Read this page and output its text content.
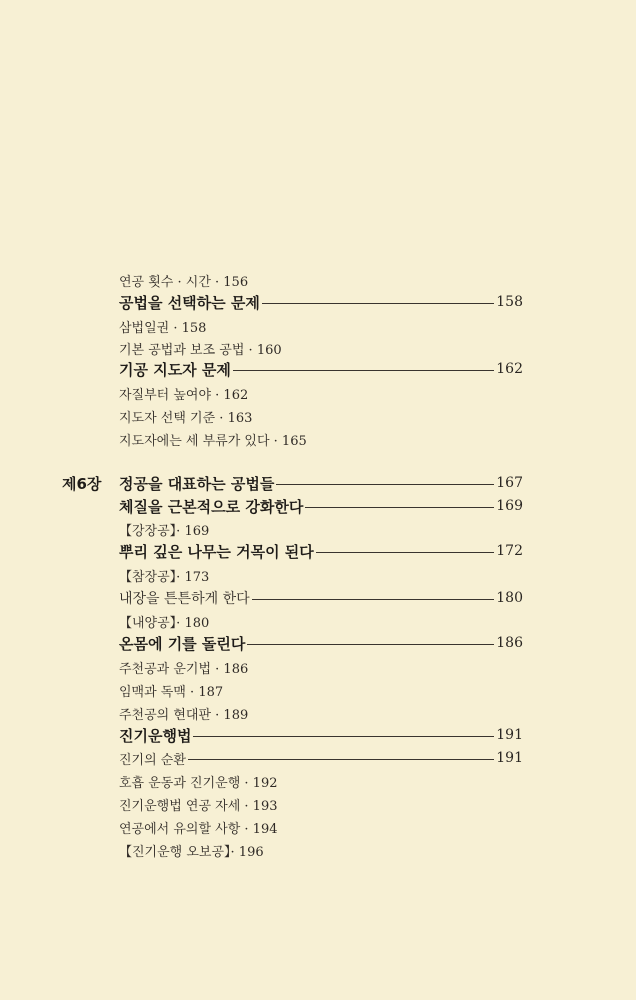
연공 횟수 · 시간 · 156
공법을 선택하는 문제	158
삼법일권 · 158
기본 공법과 보조 공법 · 160
기공 지도자 문제	162
자질부터 높여야 · 162
지도자 선택 기준 · 163
지도자에는 세 부류가 있다 · 165
제6장	정공을 대표하는 공법들	167
체질을 근본적으로 강화한다	169
【강장공】· 169
뿌리 깊은 나무는 거목이 된다	172
【참장공】· 173
내장을 튼튼하게 한다	180
【내양공】· 180
온몸에 기를 돌린다	186
주천공과 운기법 · 186
임맥과 독맥 · 187
주천공의 현대판 · 189
진기운행법	191
진기의 순환	191
호흡 운동과 진기운행 · 192
진기운행법 연공 자세 · 193
연공에서 유의할 사항 · 194
【진기운행 오보공】· 196
